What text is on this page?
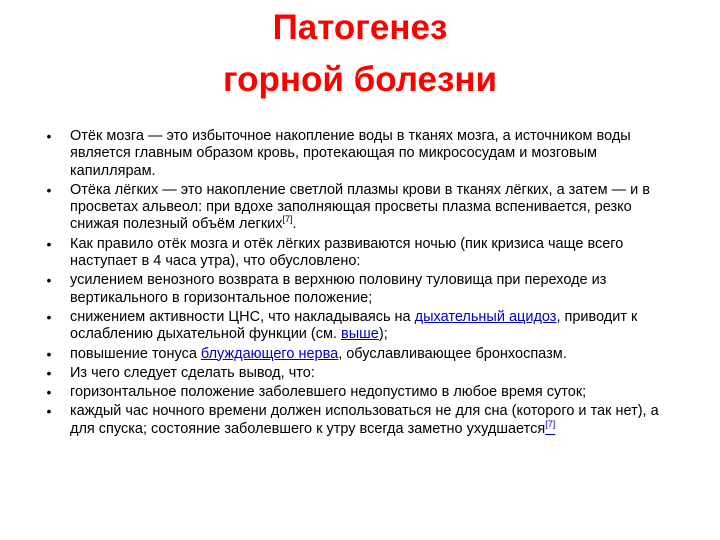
Патогенез
горной болезни
•	Отёк мозга — это избыточное накопление воды в тканях мозга, а источником воды является главным образом кровь, протекающая по микрососудам и мозговым капиллярам.
•	Отёка лёгких — это накопление светлой плазмы крови в тканях лёгких, а затем — и в просветах альвеол: при вдохе заполняющая просветы плазма вспенивается, резко снижая полезный объём легких[7].
•	Как правило отёк мозга и отёк лёгких развиваются ночью (пик кризиса чаще всего наступает в 4 часа утра), что обусловлено:
•	усилением венозного возврата в верхнюю половину туловища при переходе из вертикального в горизонтальное положение;
•	снижением активности ЦНС, что накладываясь на дыхательный ацидоз, приводит к ослаблению дыхательной функции (см. выше);
•	повышение тонуса блуждающего нерва, обуславливающее бронхоспазм.
•	Из чего следует сделать вывод, что:
•	горизонтальное положение заболевшего недопустимо в любое время суток;
•	каждый час ночного времени должен использоваться не для сна (которого и так нет), а для спуска; состояние заболевшего к утру всегда заметно ухудшается[7]
